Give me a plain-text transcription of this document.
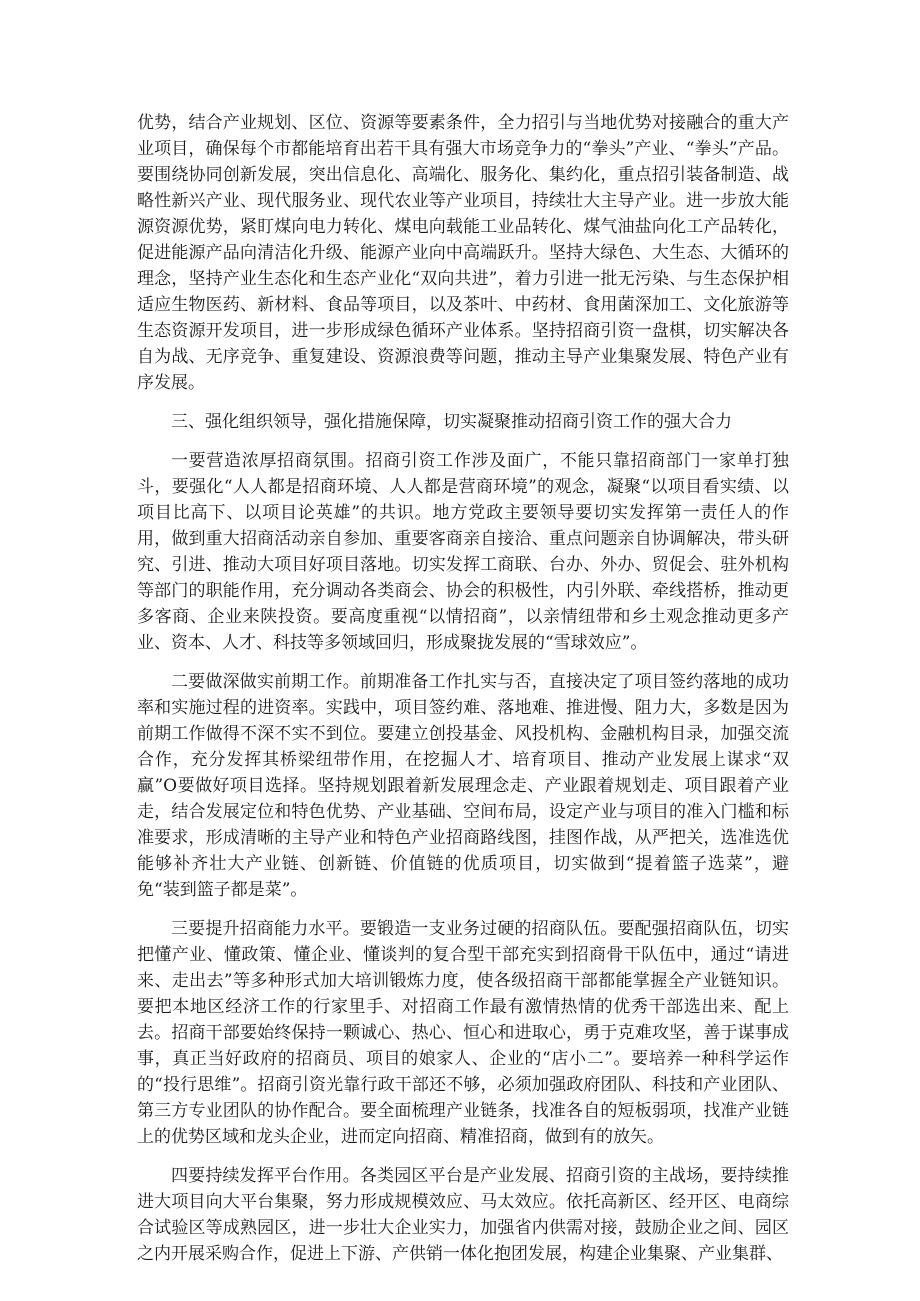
优势，结合产业规划、区位、资源等要素条件，全力招引与当地优势对接融合的重大产业项目，确保每个市都能培育出若干具有强大市场竞争力的“拳头”产业、“拳头”产品。要围绕协同创新发展，突出信息化、高端化、服务化、集约化，重点招引装备制造、战略性新兴产业、现代服务业、现代农业等产业项目，持续壮大主导产业。进一步放大能源资源优势，紧盯煤向电力转化、煤电向载能工业品转化、煤气油盐向化工产品转化，促进能源产品向清洁化升级、能源产业向中高端跃升。坚持大绿色、大生态、大循环的理念，坚持产业生态化和生态产业化“双向共进”，着力引进一批无污染、与生态保护相适应生物医药、新材料、食品等项目，以及茶叶、中药材、食用菌深加工、文化旅游等生态资源开发项目，进一步形成绿色循环产业体系。坚持招商引资一盘棋，切实解决各自为战、无序竞争、重复建设、资源浪费等问题，推动主导产业集聚发展、特色产业有序发展。

三、强化组织领导，强化措施保障，切实凝聚推动招商引资工作的强大合力

一要营造浓厚招商氛围。招商引资工作涉及面广，不能只靠招商部门一家单打独斗，要强化“人人都是招商环境、人人都是营商环境”的观念，凝聚“以项目看实绩、以项目比高下、以项目论英雄”的共识。地方党政主要领导要切实发挥第一责任人的作用，做到重大招商活动亲自参加、重要客商亲自接洽、重点问题亲自协调解决，带头研究、引进、推动大项目好项目落地。切实发挥工商联、台办、外办、贸促会、驻外机构等部门的职能作用，充分调动各类商会、协会的积极性，内引外联、牵线搭桥，推动更多客商、企业来陕投资。要高度重视“以情招商”，以亲情纽带和乡土观念推动更多产业、资本、人才、科技等多领域回归，形成聚拢发展的“雪球效应”。

二要做深做实前期工作。前期准备工作扎实与否，直接决定了项目签约落地的成功率和实施过程的进资率。实践中，项目签约难、落地难、推进慢、阻力大，多数是因为前期工作做得不深不实不到位。要建立创投基金、风投机构、金融机构目录，加强交流合作，充分发挥其桥梁纽带作用，在挖掘人才、培育项目、推动产业发展上谋求“双赢”O要做好项目选择。坚持规划跟着新发展理念走、产业跟着规划走、项目跟着产业走，结合发展定位和特色优势、产业基础、空间布局，设定产业与项目的准入门槛和标准要求，形成清晰的主导产业和特色产业招商路线图，挂图作战，从严把关，选准选优能够补齐壮大产业链、创新链、价值链的优质项目，切实做到“提着篮子选菜”，避免“装到篮子都是菜”。

三要提升招商能力水平。要锻造一支业务过硬的招商队伍。要配强招商队伍，切实把懂产业、懂政策、懂企业、懂谈判的复合型干部充实到招商骨干队伍中，通过“请进来、走出去”等多种形式加大培训锻炼力度，使各级招商干部都能掌握全产业链知识。要把本地区经济工作的行家里手、对招商工作最有激情热情的优秀干部选出来、配上去。招商干部要始终保持一颗诚心、热心、恒心和进取心，勇于克难攻坚，善于谋事成事，真正当好政府的招商员、项目的娘家人、企业的“店小二”。要培养一种科学运作的“投行思维”。招商引资光靠行政干部还不够，必须加强政府团队、科技和产业团队、第三方专业团队的协作配合。要全面梳理产业链条，找准各自的短板弱项，找准产业链上的优势区域和龙头企业，进而定向招商、精准招商，做到有的放矢。

四要持续发挥平台作用。各类园区平台是产业发展、招商引资的主战场，要持续推进大项目向大平台集聚，努力形成规模效应、马太效应。依托高新区、经开区、电商综合试验区等成熟园区，进一步壮大企业实力，加强省内供需对接，鼓励企业之间、园区之内开展采购合作，促进上下游、产供销一体化抱团发展，构建企业集聚、产业集群、
